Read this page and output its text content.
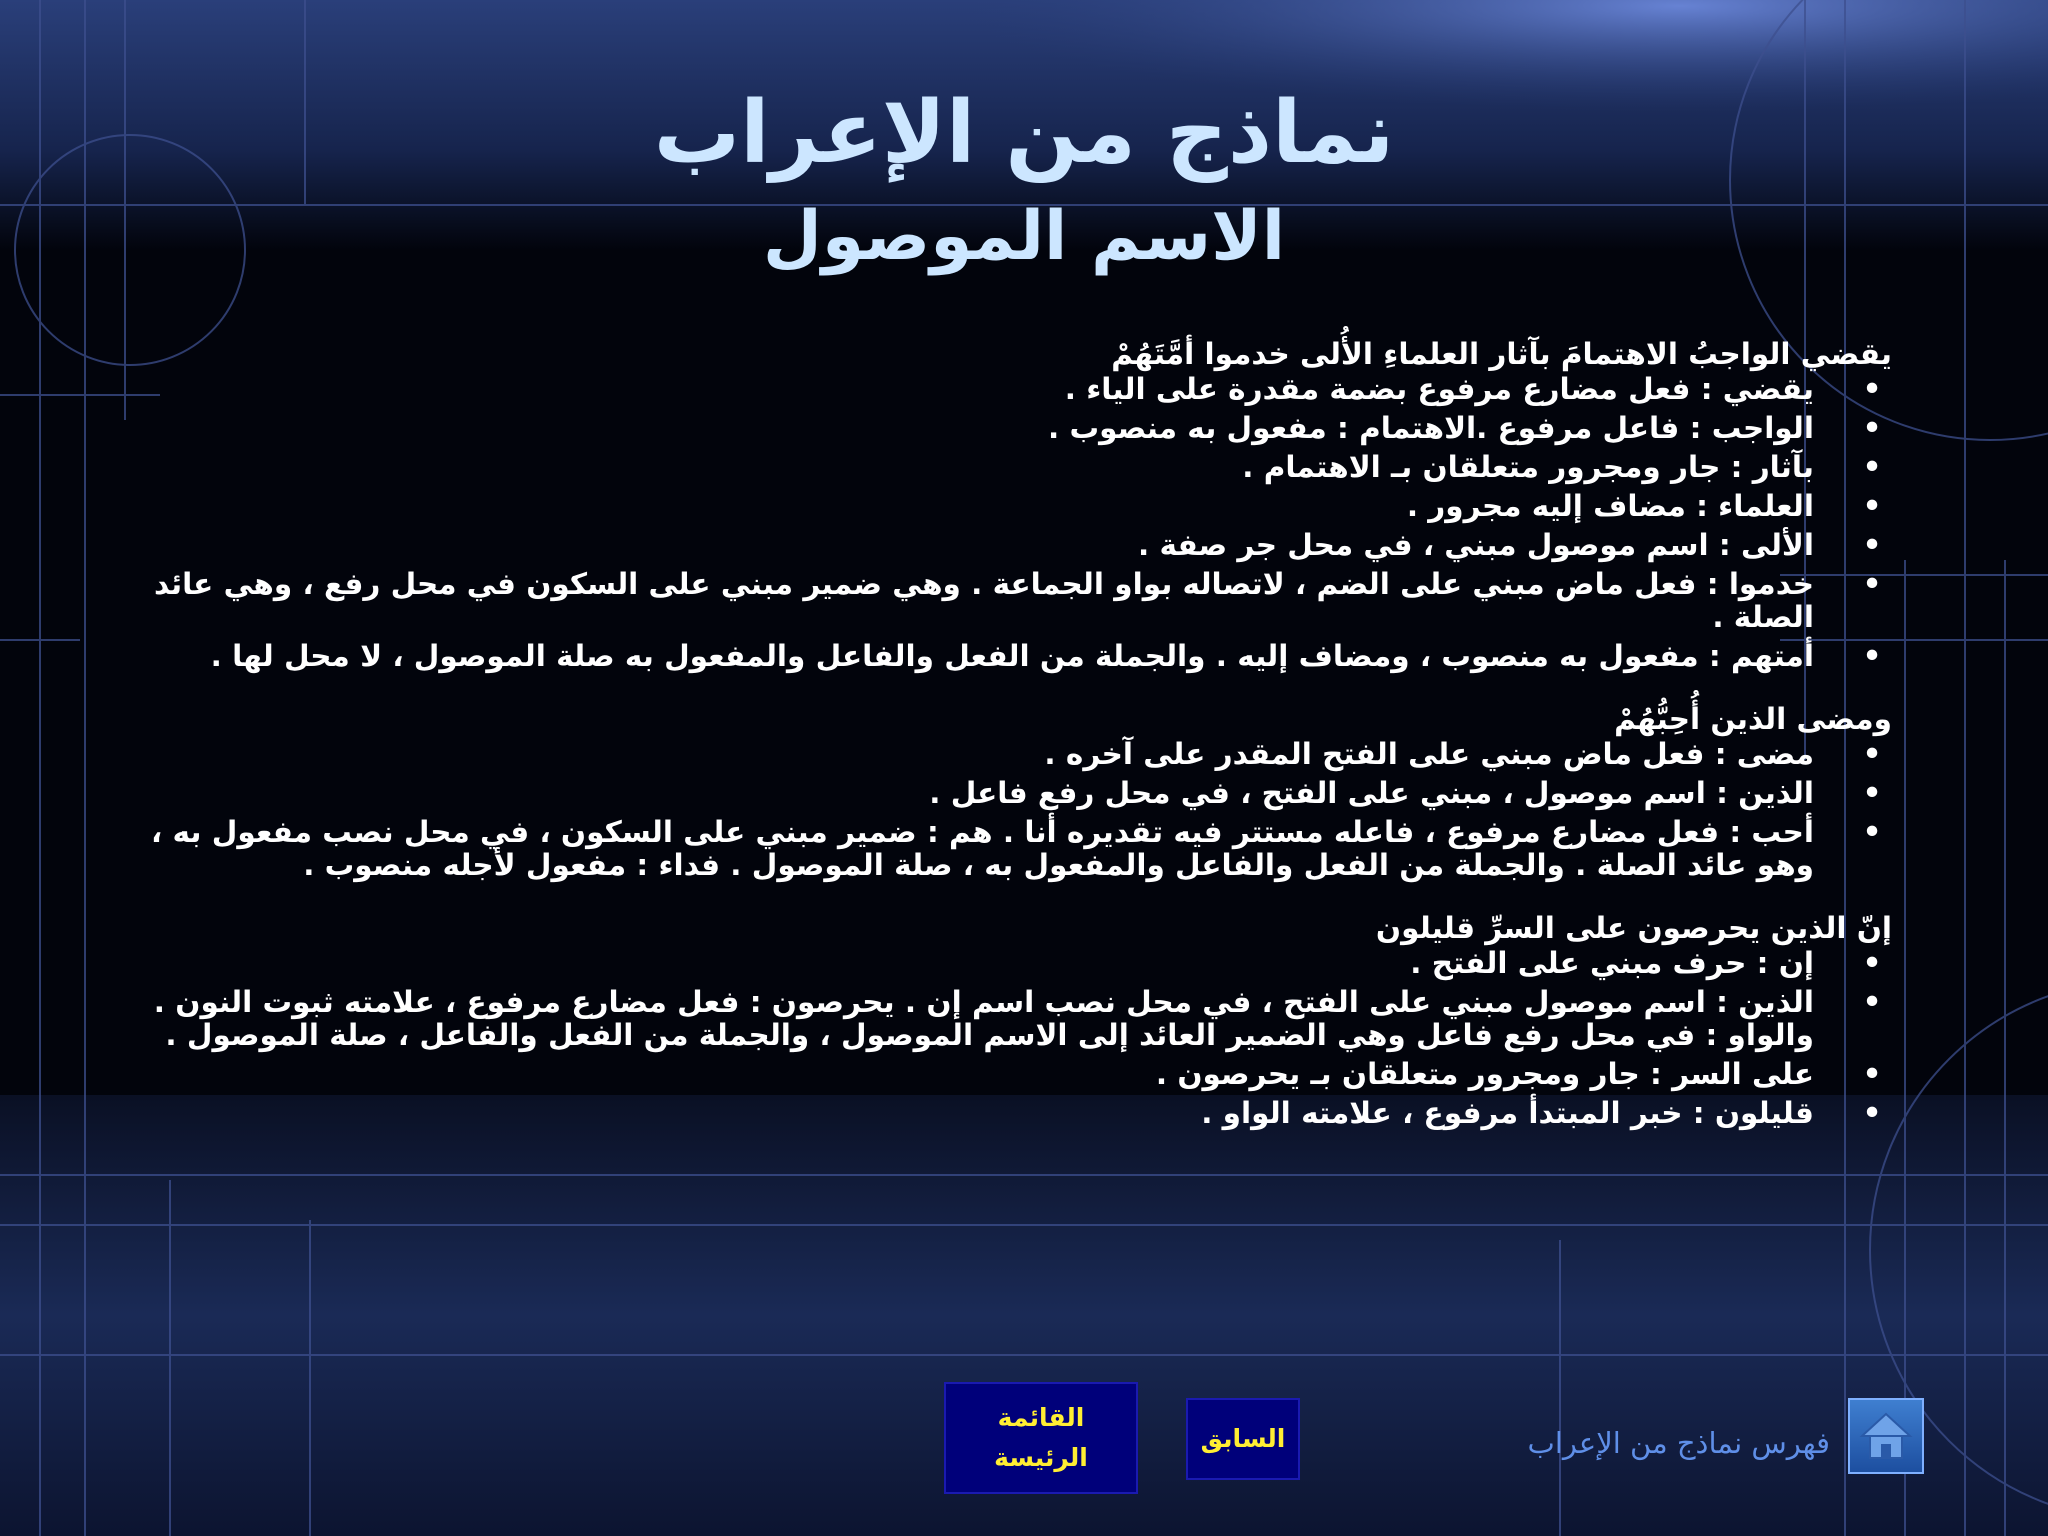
نماذج من الإعراب
الاسم الموصول

يقضي الواجبُ الاهتمامَ بآثار العلماءِ الأُلى خدموا أمَّتَهُمْ

•
يقضي : فعل مضارع مرفوع بضمة مقدرة على الياء .
•
الواجب : فاعل مرفوع .الاهتمام : مفعول به منصوب .
•
بآثار : جار ومجرور متعلقان بـ الاهتمام .
•
العلماء : مضاف إليه مجرور .
•
الألى : اسم موصول مبني ، في محل جر صفة .
•
خدموا : فعل ماض مبني على الضم ، لاتصاله بواو الجماعة . وهي ضمير مبني على السكون في محل رفع ، وهي عائد الصلة .
•
أمتهم : مفعول به منصوب ، ومضاف إليه . والجملة من الفعل والفاعل والمفعول به صلة الموصول ، لا محل لها .

ومضى الذين أُحِبُّهُمْ

•
مضى : فعل ماض مبني على الفتح المقدر على آخره .
•
الذين : اسم موصول ، مبني على الفتح ، في محل رفع فاعل .
•
أحب : فعل مضارع مرفوع ، فاعله مستتر فيه تقديره أنا . هم : ضمير مبني على السكون ، في محل نصب مفعول به ، وهو عائد الصلة . والجملة من الفعل والفاعل والمفعول به ، صلة الموصول . فداء : مفعول لأجله منصوب .

إنّ الذين يحرصون على السرِّ قليلون

•
إن : حرف مبني على الفتح .
•
الذين : اسم موصول مبني على الفتح ، في محل نصب اسم إن . يحرصون : فعل مضارع مرفوع ، علامته ثبوت النون . والواو : في محل رفع فاعل وهي الضمير العائد إلى الاسم الموصول ، والجملة من الفعل والفاعل ، صلة الموصول .
•
على السر : جار ومجرور متعلقان بـ يحرصون .
•
قليلون : خبر المبتدأ مرفوع ، علامته الواو .
القائمة
الرئيسة
السابق	فهرس نماذج من الإعراب
